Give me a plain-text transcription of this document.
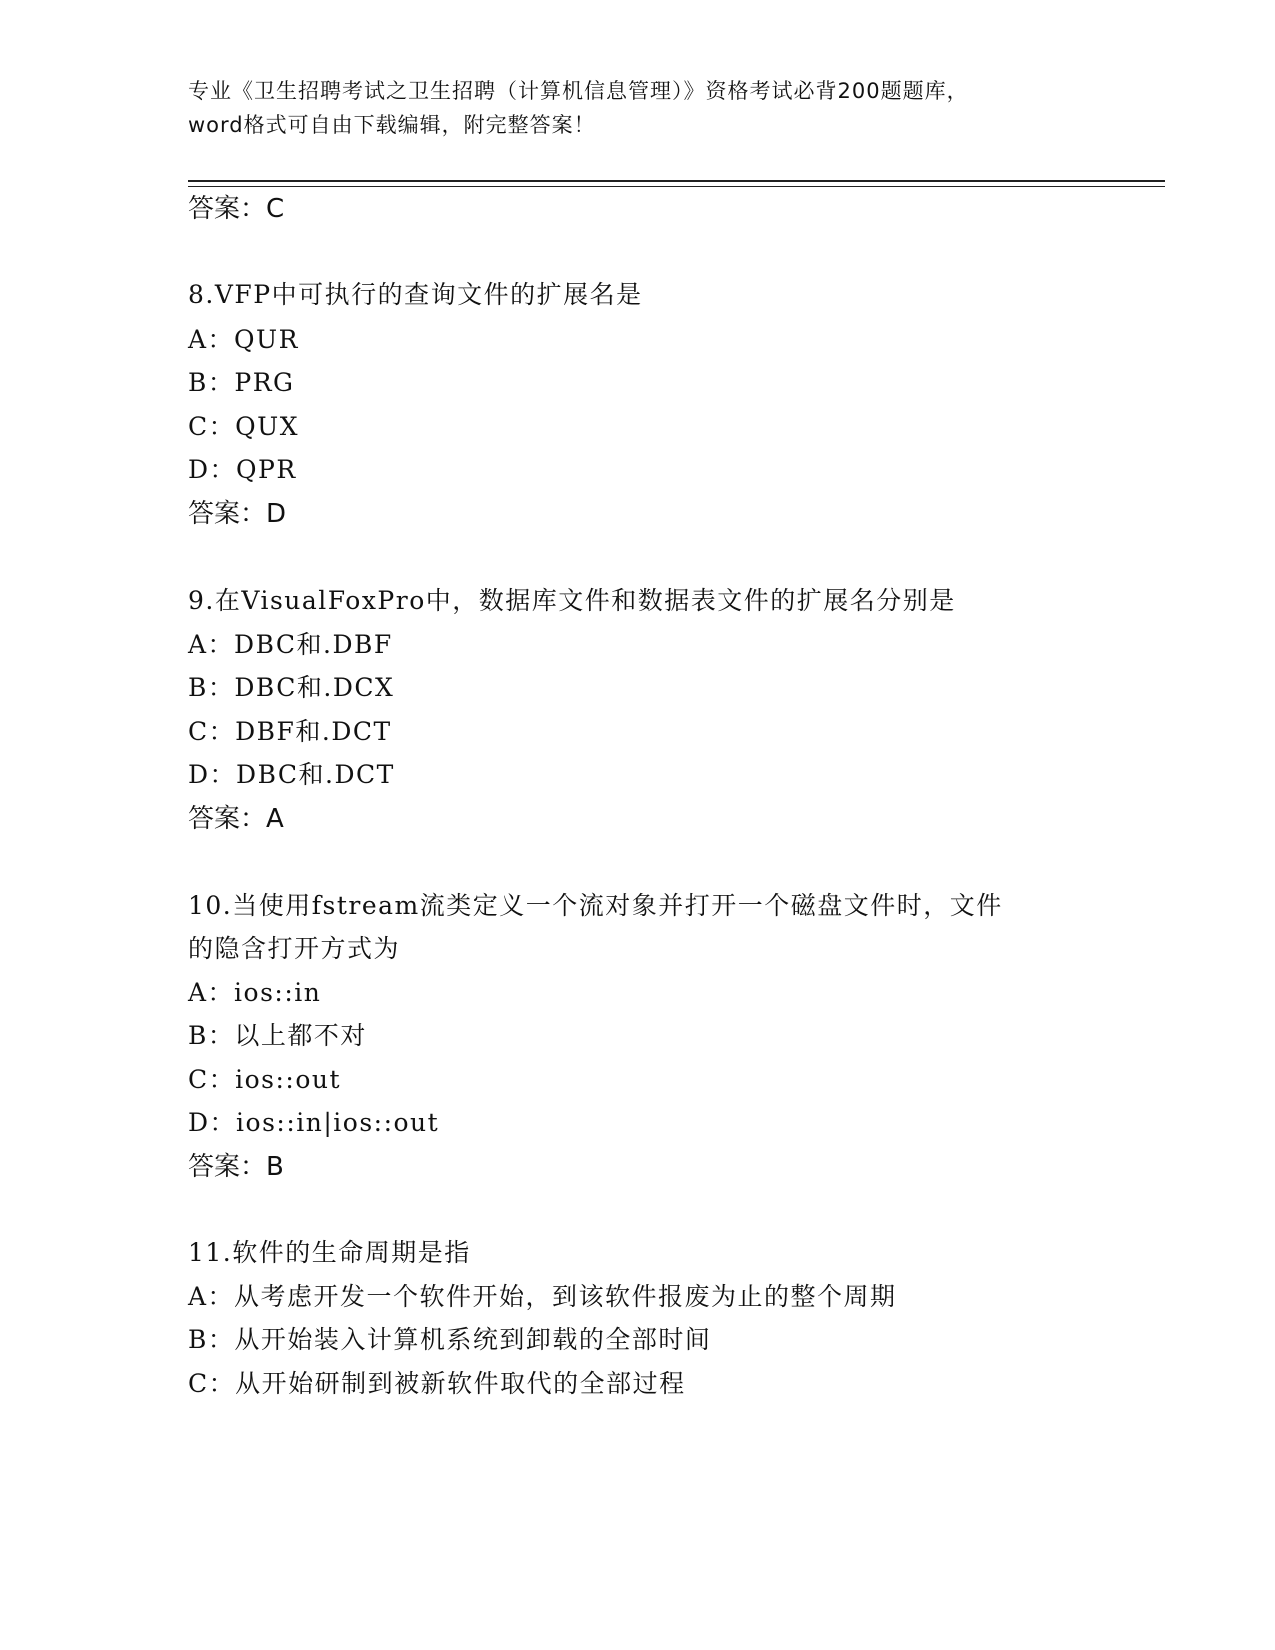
专业《卫生招聘考试之卫生招聘（计算机信息管理）》资格考试必背200题题库，
word格式可自由下载编辑，附完整答案！
答案：C
8.VFP中可执行的查询文件的扩展名是
A：QUR
B：PRG
C：QUX
D：QPR
答案：D
9.在VisualFoxPro中，数据库文件和数据表文件的扩展名分别是
A：DBC和.DBF
B：DBC和.DCX
C：DBF和.DCT
D：DBC和.DCT
答案：A
10.当使用fstream流类定义一个流对象并打开一个磁盘文件时，文件
的隐含打开方式为
A：ios::in
B：以上都不对
C：ios::out
D：ios::in|ios::out
答案：B
11.软件的生命周期是指
A：从考虑开发一个软件开始，到该软件报废为止的整个周期
B：从开始装入计算机系统到卸载的全部时间
C：从开始研制到被新软件取代的全部过程
